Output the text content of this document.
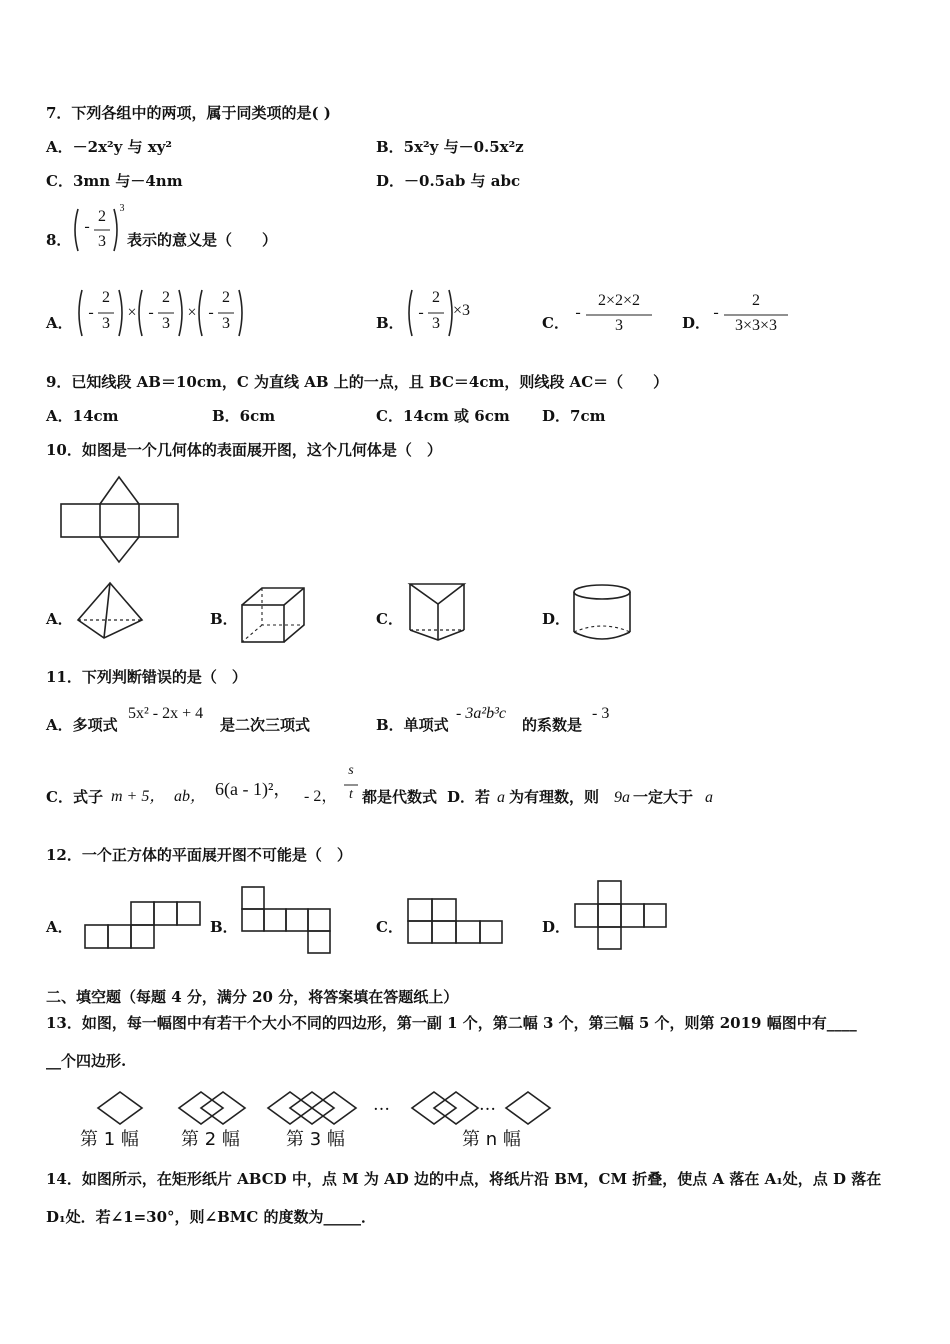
7．下列各组中的两项，属于同类项的是( )
A．－2x²y 与 xy²	B．5x²y 与－0.5x²z
C．3mn 与－4nm	D．－0.5ab 与 abc
8．
-
2
3
3
表示的意义是（　　）
A．
-
2
3
× -
2
3
× -
2
3	B．
-
2
3
×3
C．
-
2×2×2
3	D．
-
2
3×3×3
9．已知线段 AB＝10cm，C 为直线 AB 上的一点，且 BC＝4cm，则线段 AC＝（　　）
A．14cm	B．6cm	C．14cm 或 6cm D．7cm
10．如图是一个几何体的表面展开图，这个几何体是（　）
A．	B．	C．	D．
11．下列判断错误的是（　）
A．多项式
5x² - 2x + 4
是二次三项式	B．单项式
- 3a²b³c
的系数是
- 3
C．式子 m + 5， ab， 6(a - 1)²， - 2，
s
t 都是代数式 D．若 a 为有理数，则 9a 一定大于 a
12．一个正方体的平面展开图不可能是（　）
A．	B．	C．	D．
二、填空题（每题 4 分，满分 20 分，将答案填在答题纸上）
13．如图，每一幅图中有若干个大小不同的四边形，第一副 1 个，第二幅 3 个，第三幅 5 个，则第 2019 幅图中有____
__个四边形.
…	…
第 1 幅 第 2 幅	第 3 幅	第 n 幅
14．如图所示，在矩形纸片 ABCD 中，点 M 为 AD 边的中点，将纸片沿 BM，CM 折叠，使点 A 落在 A₁处，点 D 落在
D₁处．若∠1=30°，则∠BMC 的度数为_____．
